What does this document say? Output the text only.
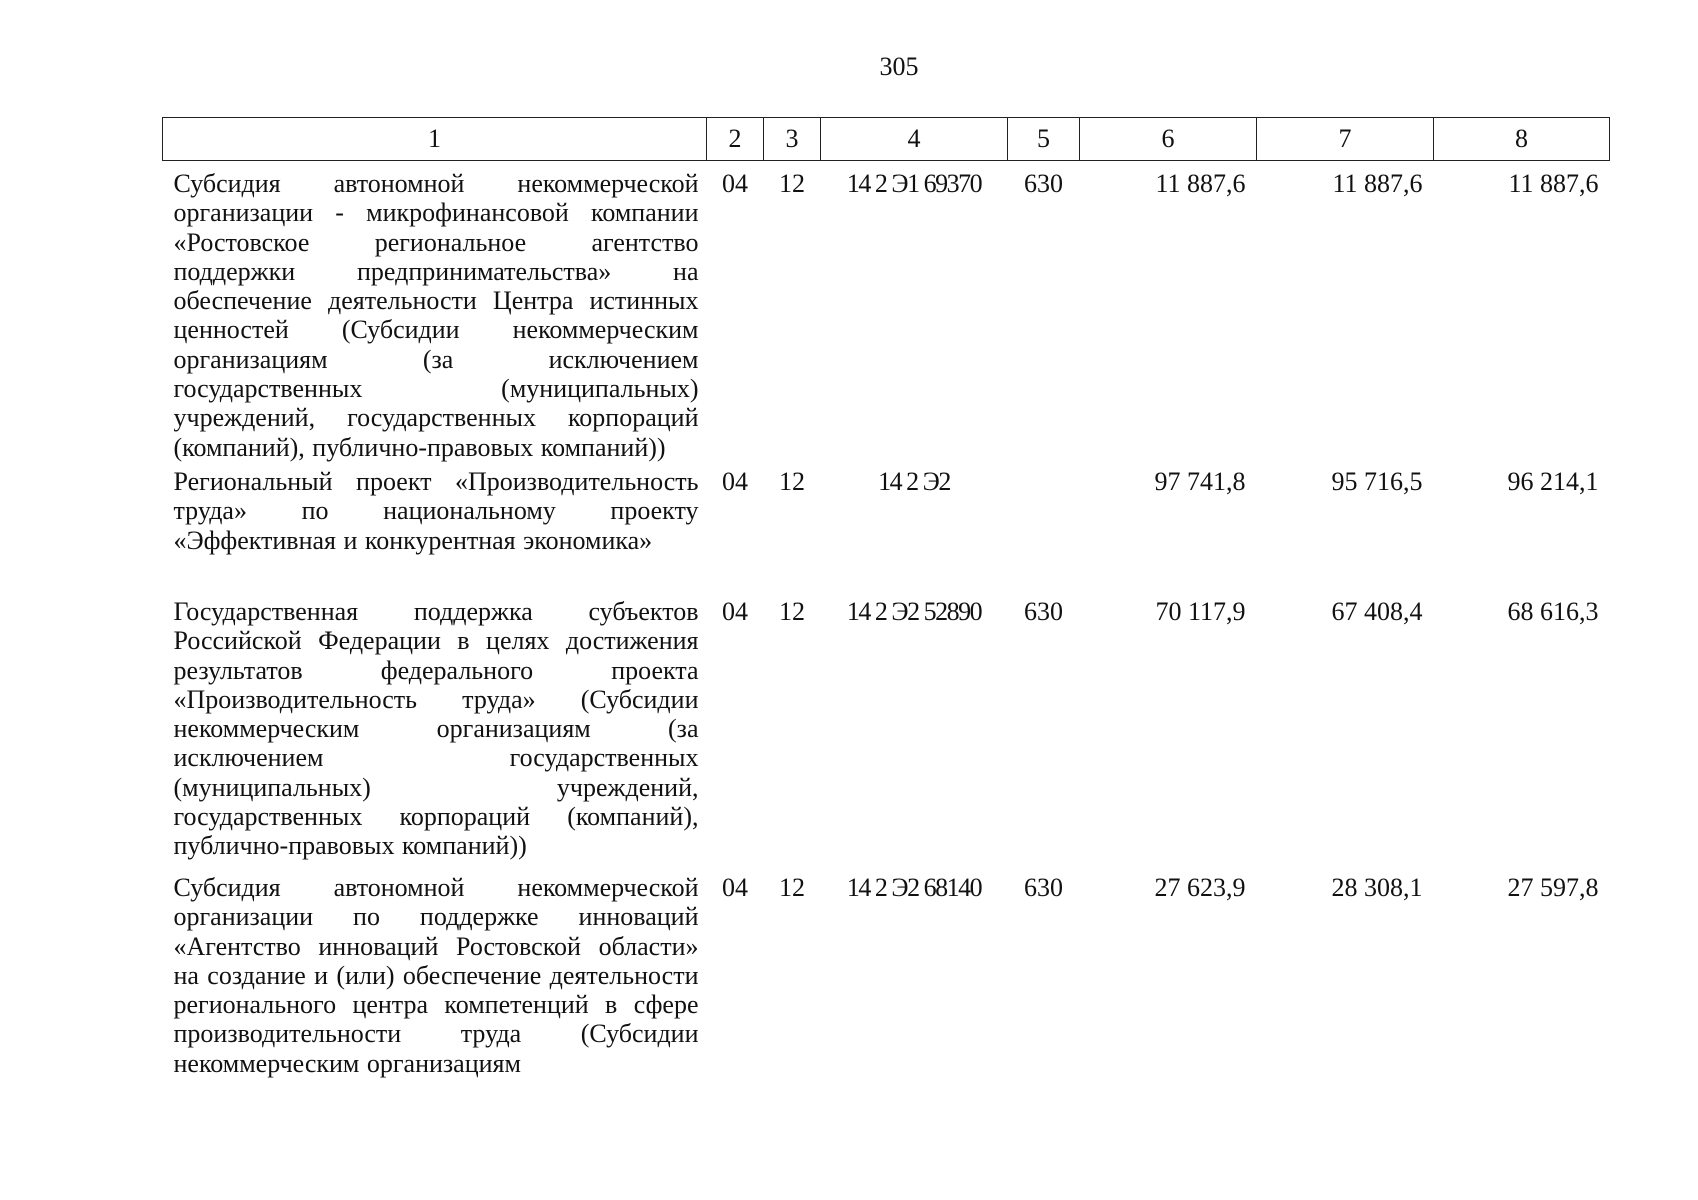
305
1	2	3	4	5	6	7	8
Субсидия автономной некоммерческой организации - микрофинансовой компании «Ростовское региональное агентство поддержки предпринимательства» на обеспечение деятельности Центра истинных ценностей (Субсидии некоммерческим организациям (за исключением государственных (муниципальных) учреждений, государственных корпораций (компаний), публично-правовых компаний))	04	12	14 2 Э1 69370	630	11 887,6	11 887,6	11 887,6
Региональный проект «Производительность труда» по национальному проекту «Эффективная и конкурентная экономика»	04	12	14 2 Э2		97 741,8	95 716,5	96 214,1
Государственная поддержка субъектов Российской Федерации в целях достижения результатов федерального проекта «Производительность труда» (Субсидии некоммерческим организациям (за исключением государственных (муниципальных) учреждений, государственных корпораций (компаний), публично-правовых компаний))	04	12	14 2 Э2 52890	630	70 117,9	67 408,4	68 616,3
Субсидия автономной некоммерческой организации по поддержке инноваций «Агентство инноваций Ростовской области» на создание и (или) обеспечение деятельности регионального центра компетенций в сфере производительности труда (Субсидии некоммерческим организациям	04	12	14 2 Э2 68140	630	27 623,9	28 308,1	27 597,8
